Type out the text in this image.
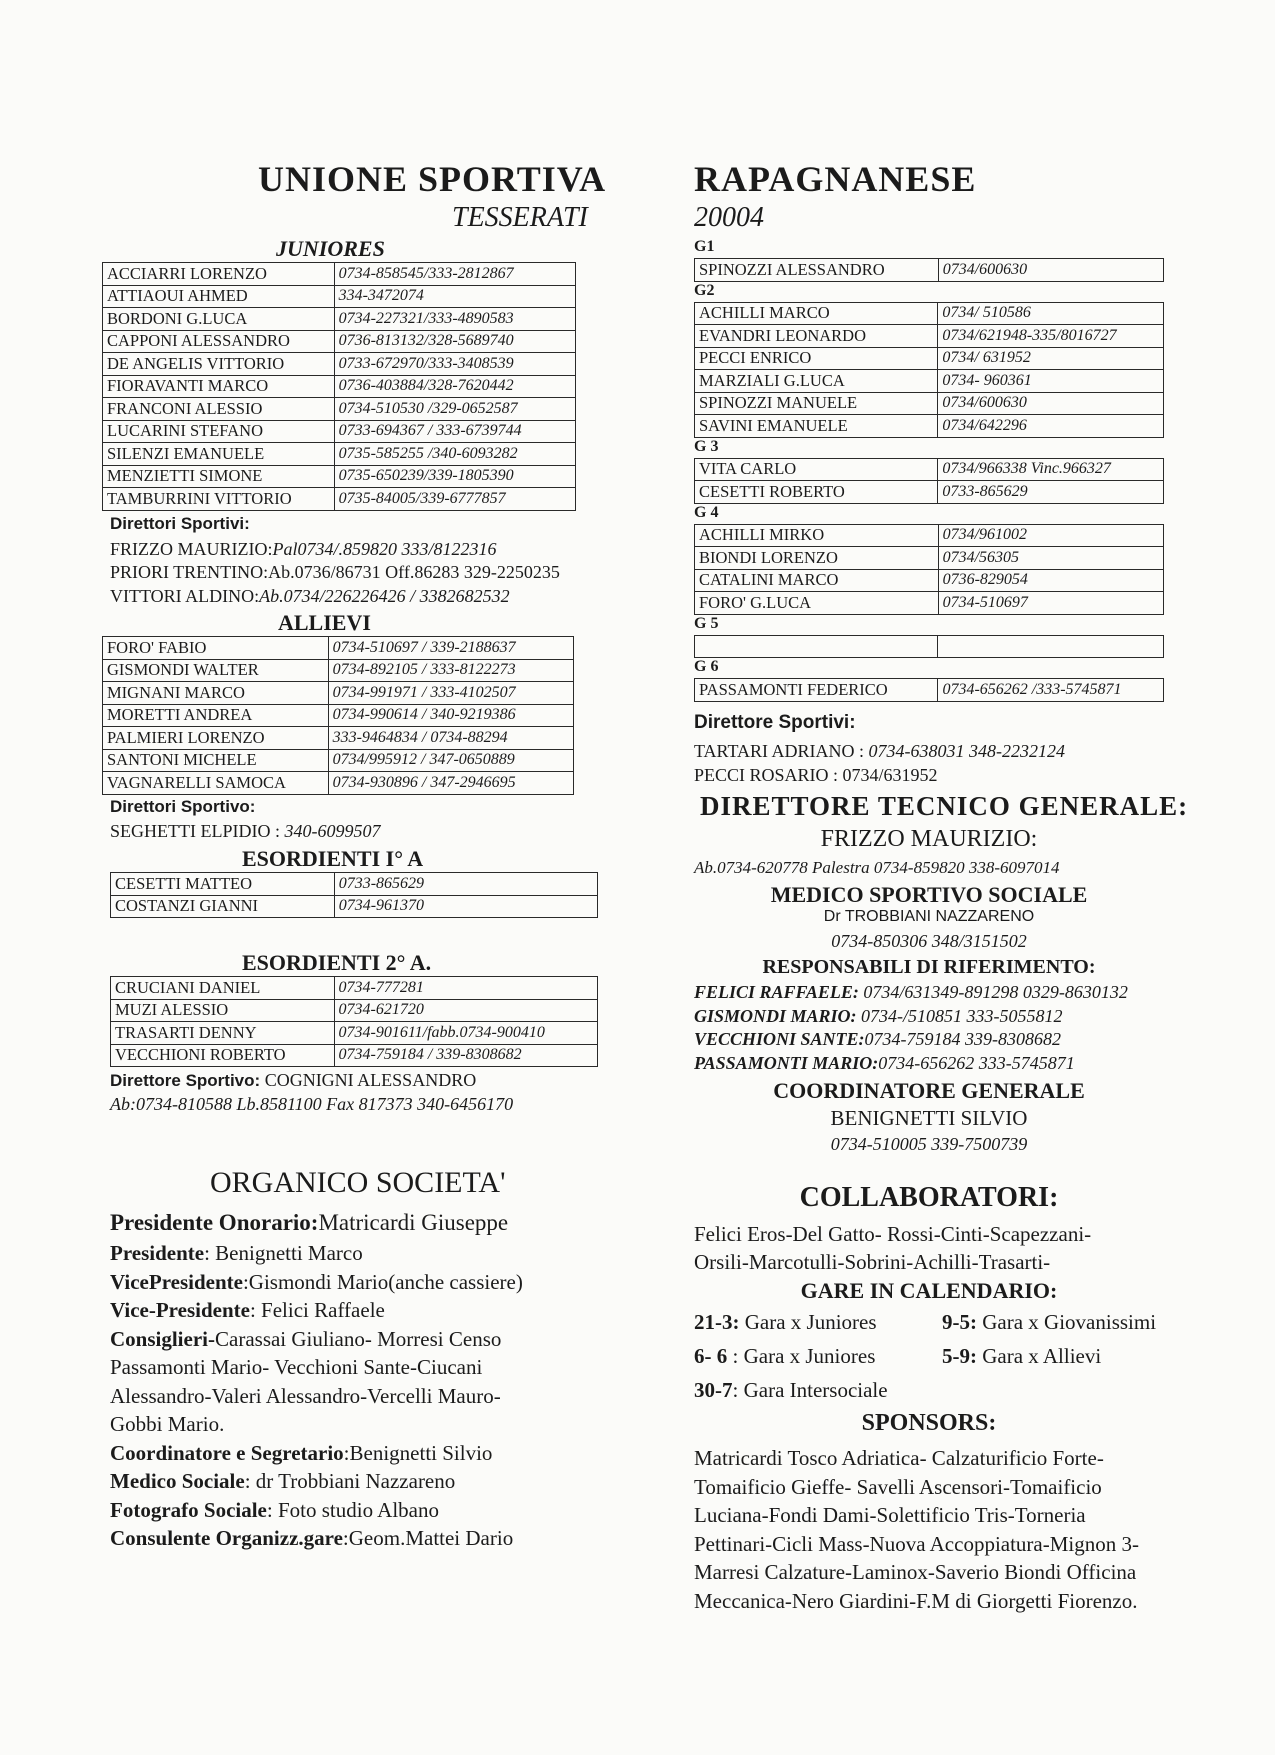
UNIONE SPORTIVA RAPAGNANESE
TESSERATI	20004
JUNIORES
ACCIARRI LORENZO	0734-858545/333-2812867
ATTIAOUI AHMED	334-3472074
BORDONI G.LUCA	0734-227321/333-4890583
CAPPONI ALESSANDRO	0736-813132/328-5689740
DE ANGELIS VITTORIO	0733-672970/333-3408539
FIORAVANTI MARCO	0736-403884/328-7620442
FRANCONI ALESSIO	0734-510530 /329-0652587
LUCARINI STEFANO	0733-694367 / 333-6739744
SILENZI EMANUELE	0735-585255 /340-6093282
MENZIETTI SIMONE	0735-650239/339-1805390
TAMBURRINI VITTORIO	0735-84005/339-6777857
Direttori Sportivi:
FRIZZO MAURIZIO:Pal0734/.859820 333/8122316
PRIORI TRENTINO:Ab.0736/86731 Off.86283 329-2250235
VITTORI ALDINO:Ab.0734/226226426 / 3382682532
ALLIEVI
FORO' FABIO	0734-510697 / 339-2188637
GISMONDI WALTER	0734-892105 / 333-8122273
MIGNANI MARCO	0734-991971 / 333-4102507
MORETTI ANDREA	0734-990614 / 340-9219386
PALMIERI LORENZO	333-9464834 / 0734-88294
SANTONI MICHELE	0734/995912 / 347-0650889
VAGNARELLI SAMOCA	0734-930896 / 347-2946695
Direttori Sportivo:
SEGHETTI ELPIDIO : 340-6099507
ESORDIENTI I° A
CESETTI MATTEO	0733-865629
COSTANZI GIANNI	0734-961370
ESORDIENTI 2° A.
CRUCIANI DANIEL	0734-777281
MUZI ALESSIO	0734-621720
TRASARTI DENNY	0734-901611/fabb.0734-900410
VECCHIONI ROBERTO	0734-759184 / 339-8308682
Direttore Sportivo: COGNIGNI ALESSANDRO
Ab:0734-810588 Lb.8581100 Fax 817373 340-6456170
ORGANICO SOCIETA'
Presidente Onorario:Matricardi Giuseppe
Presidente: Benignetti Marco
VicePresidente:Gismondi Mario(anche cassiere)
Vice-Presidente: Felici Raffaele
Consiglieri-Carassai Giuliano- Morresi Censo
Passamonti Mario- Vecchioni Sante-Ciucani
Alessandro-Valeri Alessandro-Vercelli Mauro-
Gobbi Mario.
Coordinatore e Segretario:Benignetti Silvio
Medico Sociale: dr Trobbiani Nazzareno
Fotografo Sociale: Foto studio Albano
Consulente Organizz.gare:Geom.Mattei Dario
G1
SPINOZZI ALESSANDRO	0734/600630
G2
ACHILLI MARCO	0734/ 510586
EVANDRI LEONARDO	0734/621948-335/8016727
PECCI ENRICO	0734/ 631952
MARZIALI G.LUCA	0734- 960361
SPINOZZI MANUELE	0734/600630
SAVINI EMANUELE	0734/642296
G 3
VITA CARLO	0734/966338 Vinc.966327
CESETTI ROBERTO	0733-865629
G 4
ACHILLI MIRKO	0734/961002
BIONDI LORENZO	0734/56305
CATALINI MARCO	0736-829054
FORO' G.LUCA	0734-510697
G 5

G 6
PASSAMONTI FEDERICO	0734-656262 /333-5745871
Direttore Sportivi:
TARTARI ADRIANO : 0734-638031 348-2232124
PECCI ROSARIO : 0734/631952
DIRETTORE TECNICO GENERALE:
FRIZZO MAURIZIO:
Ab.0734-620778 Palestra 0734-859820 338-6097014
MEDICO SPORTIVO SOCIALE
Dr TROBBIANI NAZZARENO
0734-850306 348/3151502
RESPONSABILI DI RIFERIMENTO:
FELICI RAFFAELE: 0734/631349-891298 0329-8630132
GISMONDI MARIO: 0734-/510851 333-5055812
VECCHIONI SANTE:0734-759184 339-8308682
PASSAMONTI MARIO:0734-656262 333-5745871
COORDINATORE GENERALE
BENIGNETTI SILVIO
0734-510005 339-7500739
COLLABORATORI:
Felici Eros-Del Gatto- Rossi-Cinti-Scapezzani-
Orsili-Marcotulli-Sobrini-Achilli-Trasarti-
GARE IN CALENDARIO:
21-3: Gara x Juniores	9-5: Gara x Giovanissimi
6- 6 : Gara x Juniores	5-9: Gara x Allievi
30-7: Gara Intersociale
SPONSORS:
Matricardi Tosco Adriatica- Calzaturificio Forte-
Tomaificio Gieffe- Savelli Ascensori-Tomaificio
Luciana-Fondi Dami-Solettificio Tris-Torneria
Pettinari-Cicli Mass-Nuova Accoppiatura-Mignon 3-
Marresi Calzature-Laminox-Saverio Biondi Officina
Meccanica-Nero Giardini-F.M di Giorgetti Fiorenzo.
